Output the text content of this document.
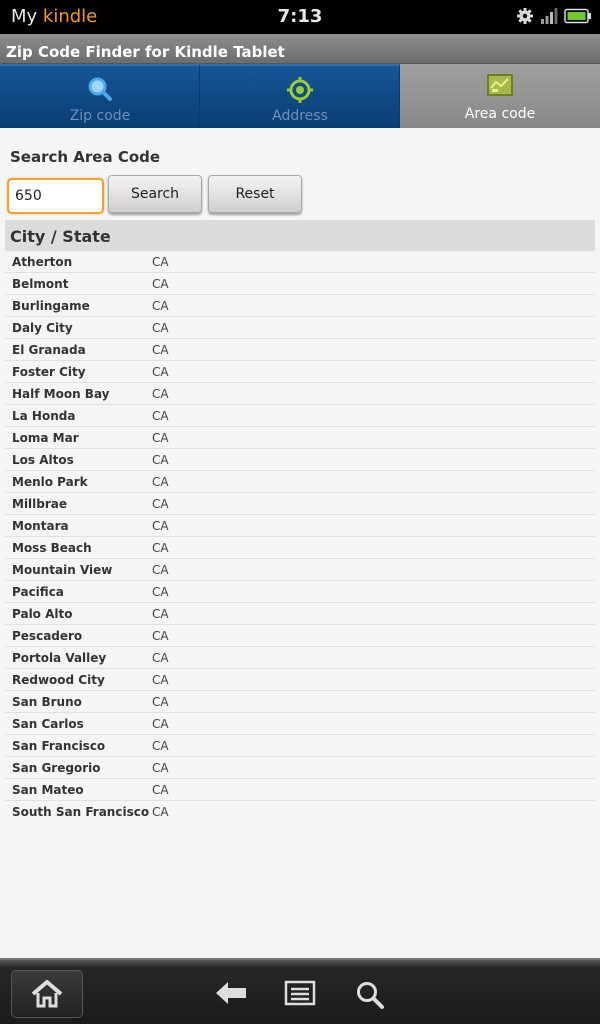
My kindle	7:13
Zip Code Finder for Kindle Tablet
Zip code	Address	Area code
Search Area Code
650
Search	Reset
City / State
Atherton	CA
Belmont	CA
Burlingame	CA
Daly City	CA
El Granada	CA
Foster City	CA
Half Moon Bay	CA
La Honda	CA
Loma Mar	CA
Los Altos	CA
Menlo Park	CA
Millbrae	CA
Montara	CA
Moss Beach	CA
Mountain View	CA
Pacifica	CA
Palo Alto	CA
Pescadero	CA
Portola Valley	CA
Redwood City	CA
San Bruno	CA
San Carlos	CA
San Francisco	CA
San Gregorio	CA
San Mateo	CA
South San Francisco CA
